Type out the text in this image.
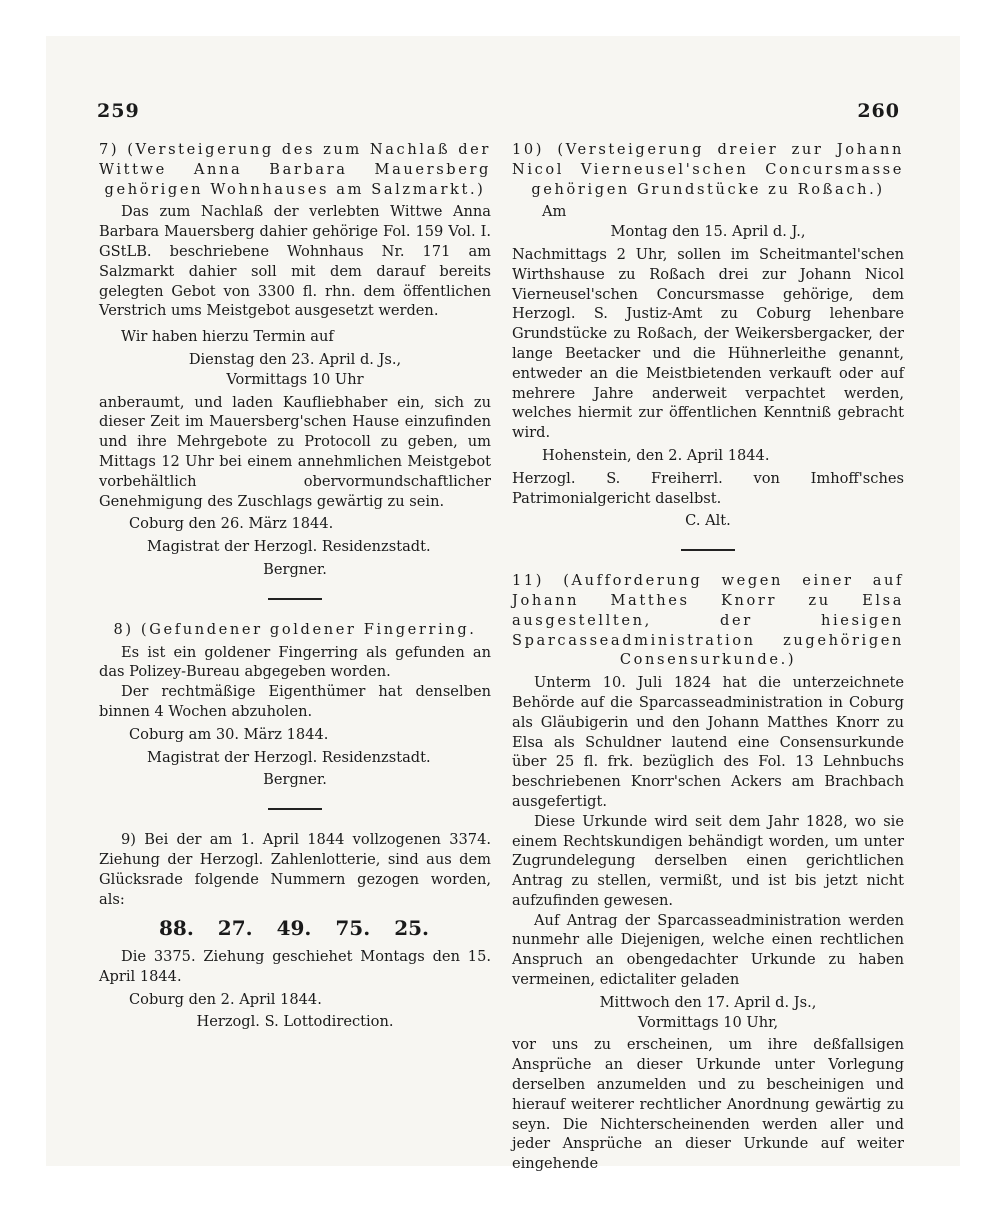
259	260

7) (Versteigerung des zum Nachlaß der Wittwe Anna Barbara Mauersberg gehörigen Wohnhauses am Salzmarkt.)

Das zum Nachlaß der verlebten Wittwe Anna Barbara Mauersberg dahier gehörige Fol. 159 Vol. I. GStLB. beschriebene Wohnhaus Nr. 171 am Salzmarkt dahier soll mit dem darauf bereits gelegten Gebot von 3300 fl. rhn. dem öffentlichen Verstrich ums Meistgebot ausgesetzt werden.

Wir haben hierzu Termin auf

Dienstag den 23. April d. Js.,

Vormittags 10 Uhr

anberaumt, und laden Kaufliebhaber ein, sich zu dieser Zeit im Mauersberg'schen Hause einzufinden und ihre Mehrgebote zu Protocoll zu geben, um Mittags 12 Uhr bei einem annehmlichen Meistgebot vorbehältlich obervormundschaftlicher Genehmigung des Zuschlags gewärtig zu sein.

Coburg den 26. März 1844.

Magistrat der Herzogl. Residenzstadt.

Bergner.

8) (Gefundener goldener Fingerring.

Es ist ein goldener Fingerring als gefunden an das Polizey-Bureau abgegeben worden.

Der rechtmäßige Eigenthümer hat denselben binnen 4 Wochen abzuholen.

Coburg am 30. März 1844.

Magistrat der Herzogl. Residenzstadt.

Bergner.

9) Bei der am 1. April 1844 vollzogenen 3374. Ziehung der Herzogl. Zahlenlotterie, sind aus dem Glücksrade folgende Nummern gezogen worden, als:

88. 27. 49. 75. 25.

Die 3375. Ziehung geschiehet Montags den 15. April 1844.

Coburg den 2. April 1844.

Herzogl. S. Lottodirection.

10) (Versteigerung dreier zur Johann Nicol Vierneusel'schen Concursmasse gehörigen Grundstücke zu Roßach.)

Am

Montag den 15. April d. J.,

Nachmittags 2 Uhr, sollen im Scheitmantel'schen Wirthshause zu Roßach drei zur Johann Nicol Vierneusel'schen Concursmasse gehörige, dem Herzogl. S. Justiz-Amt zu Coburg lehenbare Grundstücke zu Roßach, der Weikersbergacker, der lange Beetacker und die Hühnerleithe genannt, entweder an die Meistbietenden verkauft oder auf mehrere Jahre anderweit verpachtet werden, welches hiermit zur öffentlichen Kenntniß gebracht wird.

Hohenstein, den 2. April 1844.

Herzogl. S. Freiherrl. von Imhoff'sches Patrimonialgericht daselbst.

C. Alt.

11) (Aufforderung wegen einer auf Johann Matthes Knorr zu Elsa ausgestellten, der hiesigen Sparcasseadministration zugehörigen Consensurkunde.)

Unterm 10. Juli 1824 hat die unterzeichnete Behörde auf die Sparcasseadministration in Coburg als Gläubigerin und den Johann Matthes Knorr zu Elsa als Schuldner lautend eine Consensurkunde über 25 fl. frk. bezüglich des Fol. 13 Lehnbuchs beschriebenen Knorr'schen Ackers am Brachbach ausgefertigt.

Diese Urkunde wird seit dem Jahr 1828, wo sie einem Rechtskundigen behändigt worden, um unter Zugrundelegung derselben einen gerichtlichen Antrag zu stellen, vermißt, und ist bis jetzt nicht aufzufinden gewesen.

Auf Antrag der Sparcasseadministration werden nunmehr alle Diejenigen, welche einen rechtlichen Anspruch an obengedachter Urkunde zu haben vermeinen, edictaliter geladen

Mittwoch den 17. April d. Js.,

Vormittags 10 Uhr,

vor uns zu erscheinen, um ihre deßfallsigen Ansprüche an dieser Urkunde unter Vorlegung derselben anzumelden und zu bescheinigen und hierauf weiterer rechtlicher Anordnung gewärtig zu seyn. Die Nichterscheinenden werden aller und jeder Ansprüche an dieser Urkunde auf weiter eingehende
